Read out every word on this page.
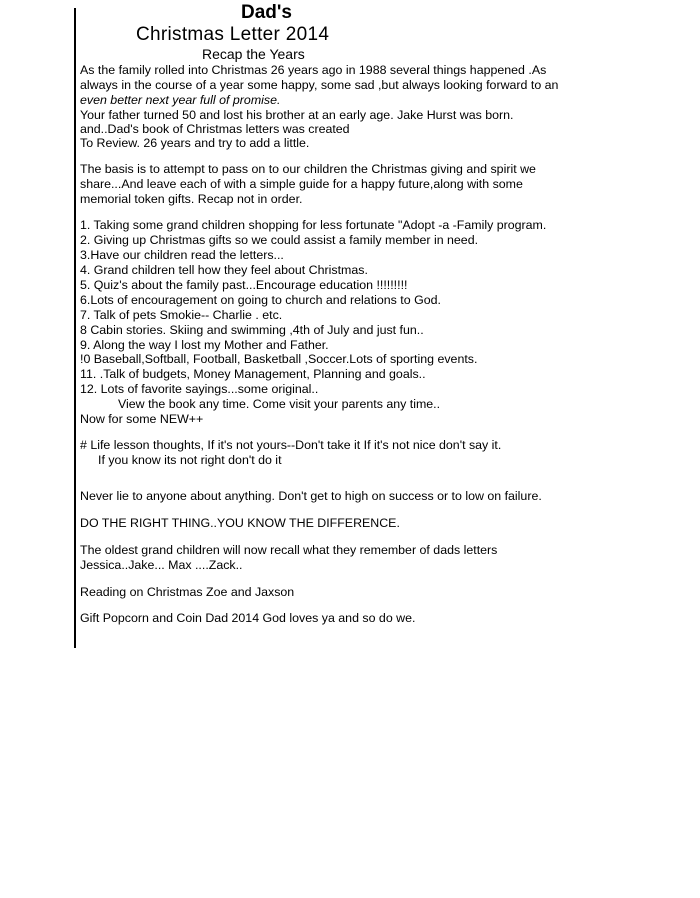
Dad's
Christmas Letter 2014
Recap the Years
As the family rolled into Christmas 26 years ago in 1988 several things happened .As
always in the course of a year some happy, some sad ,but always looking forward to an
even better next year full of promise.
Your father turned 50 and lost his brother at an early age. Jake Hurst was born.
and..Dad's book of Christmas letters was created
To Review. 26 years and try to add a little.
The basis is to attempt to pass on to our children the Christmas giving and spirit we
share...And leave each of with a simple guide for a happy future,along with some
memorial token gifts. Recap not in order.
1. Taking some grand children shopping for less fortunate "Adopt -a -Family program.
2. Giving up Christmas gifts so we could assist a family member in need.
3.Have our children read the letters...
4. Grand children tell how they feel about Christmas.
5. Quiz's about the family past...Encourage education !!!!!!!!!
6.Lots of encouragement on going to church and relations to God.
7. Talk of pets Smokie-- Charlie . etc.
8 Cabin stories. Skiing and swimming ,4th of July and just fun..
9. Along the way I lost my Mother and Father.
!0 Baseball,Softball, Football, Basketball ,Soccer.Lots of sporting events.
11. .Talk of budgets, Money Management, Planning and goals..
12. Lots of favorite sayings...some original..
View the book any time. Come visit your parents any time..
Now for some NEW++
# Life lesson thoughts, If it's not yours--Don't take it If it's not nice don't say it.
If you know its not right don't do it
Never lie to anyone about anything. Don't get to high on success or to low on failure.
DO THE RIGHT THING..YOU KNOW THE DIFFERENCE.
The oldest grand children will now recall what they remember of dads letters
Jessica..Jake... Max ....Zack..
Reading on Christmas Zoe and Jaxson
Gift Popcorn and Coin Dad 2014 God loves ya and so do we.
